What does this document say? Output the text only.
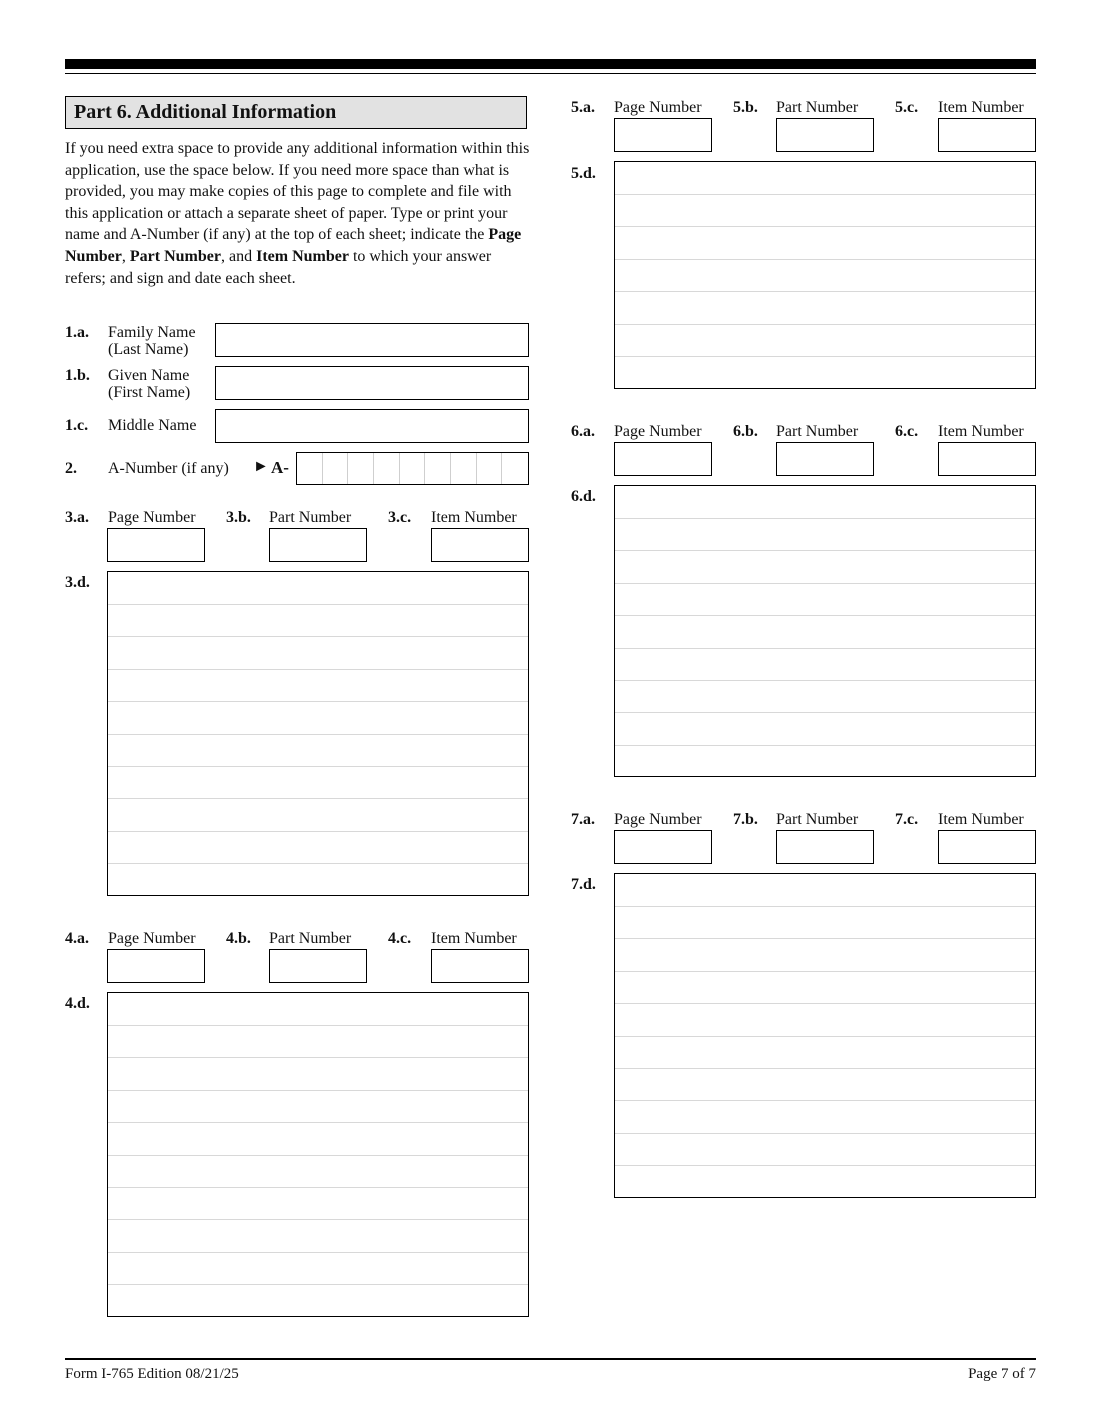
Part 6. Additional Information
If you need extra space to provide any additional information within this application, use the space below. If you need more space than what is provided, you may make copies of this page to complete and file with this application or attach a separate sheet of paper. Type or print your name and A-Number (if any) at the top of each sheet; indicate the Page Number, Part Number, and Item Number to which your answer refers; and sign and date each sheet.
1.a. Family Name
(Last Name)
1.b. Given Name
(First Name)
1.c. Middle Name
2. A-Number (if any) ► A-
3.a. Page Number 3.b. Part Number 3.c. Item Number
3.d.
4.a. Page Number 4.b. Part Number 4.c. Item Number
4.d.
5.a. Page Number 5.b. Part Number 5.c. Item Number
5.d.
6.a. Page Number 6.b. Part Number 6.c. Item Number
6.d.
7.a. Page Number 7.b. Part Number 7.c. Item Number
7.d.
Form I-765 Edition 08/21/25	Page 7 of 7
